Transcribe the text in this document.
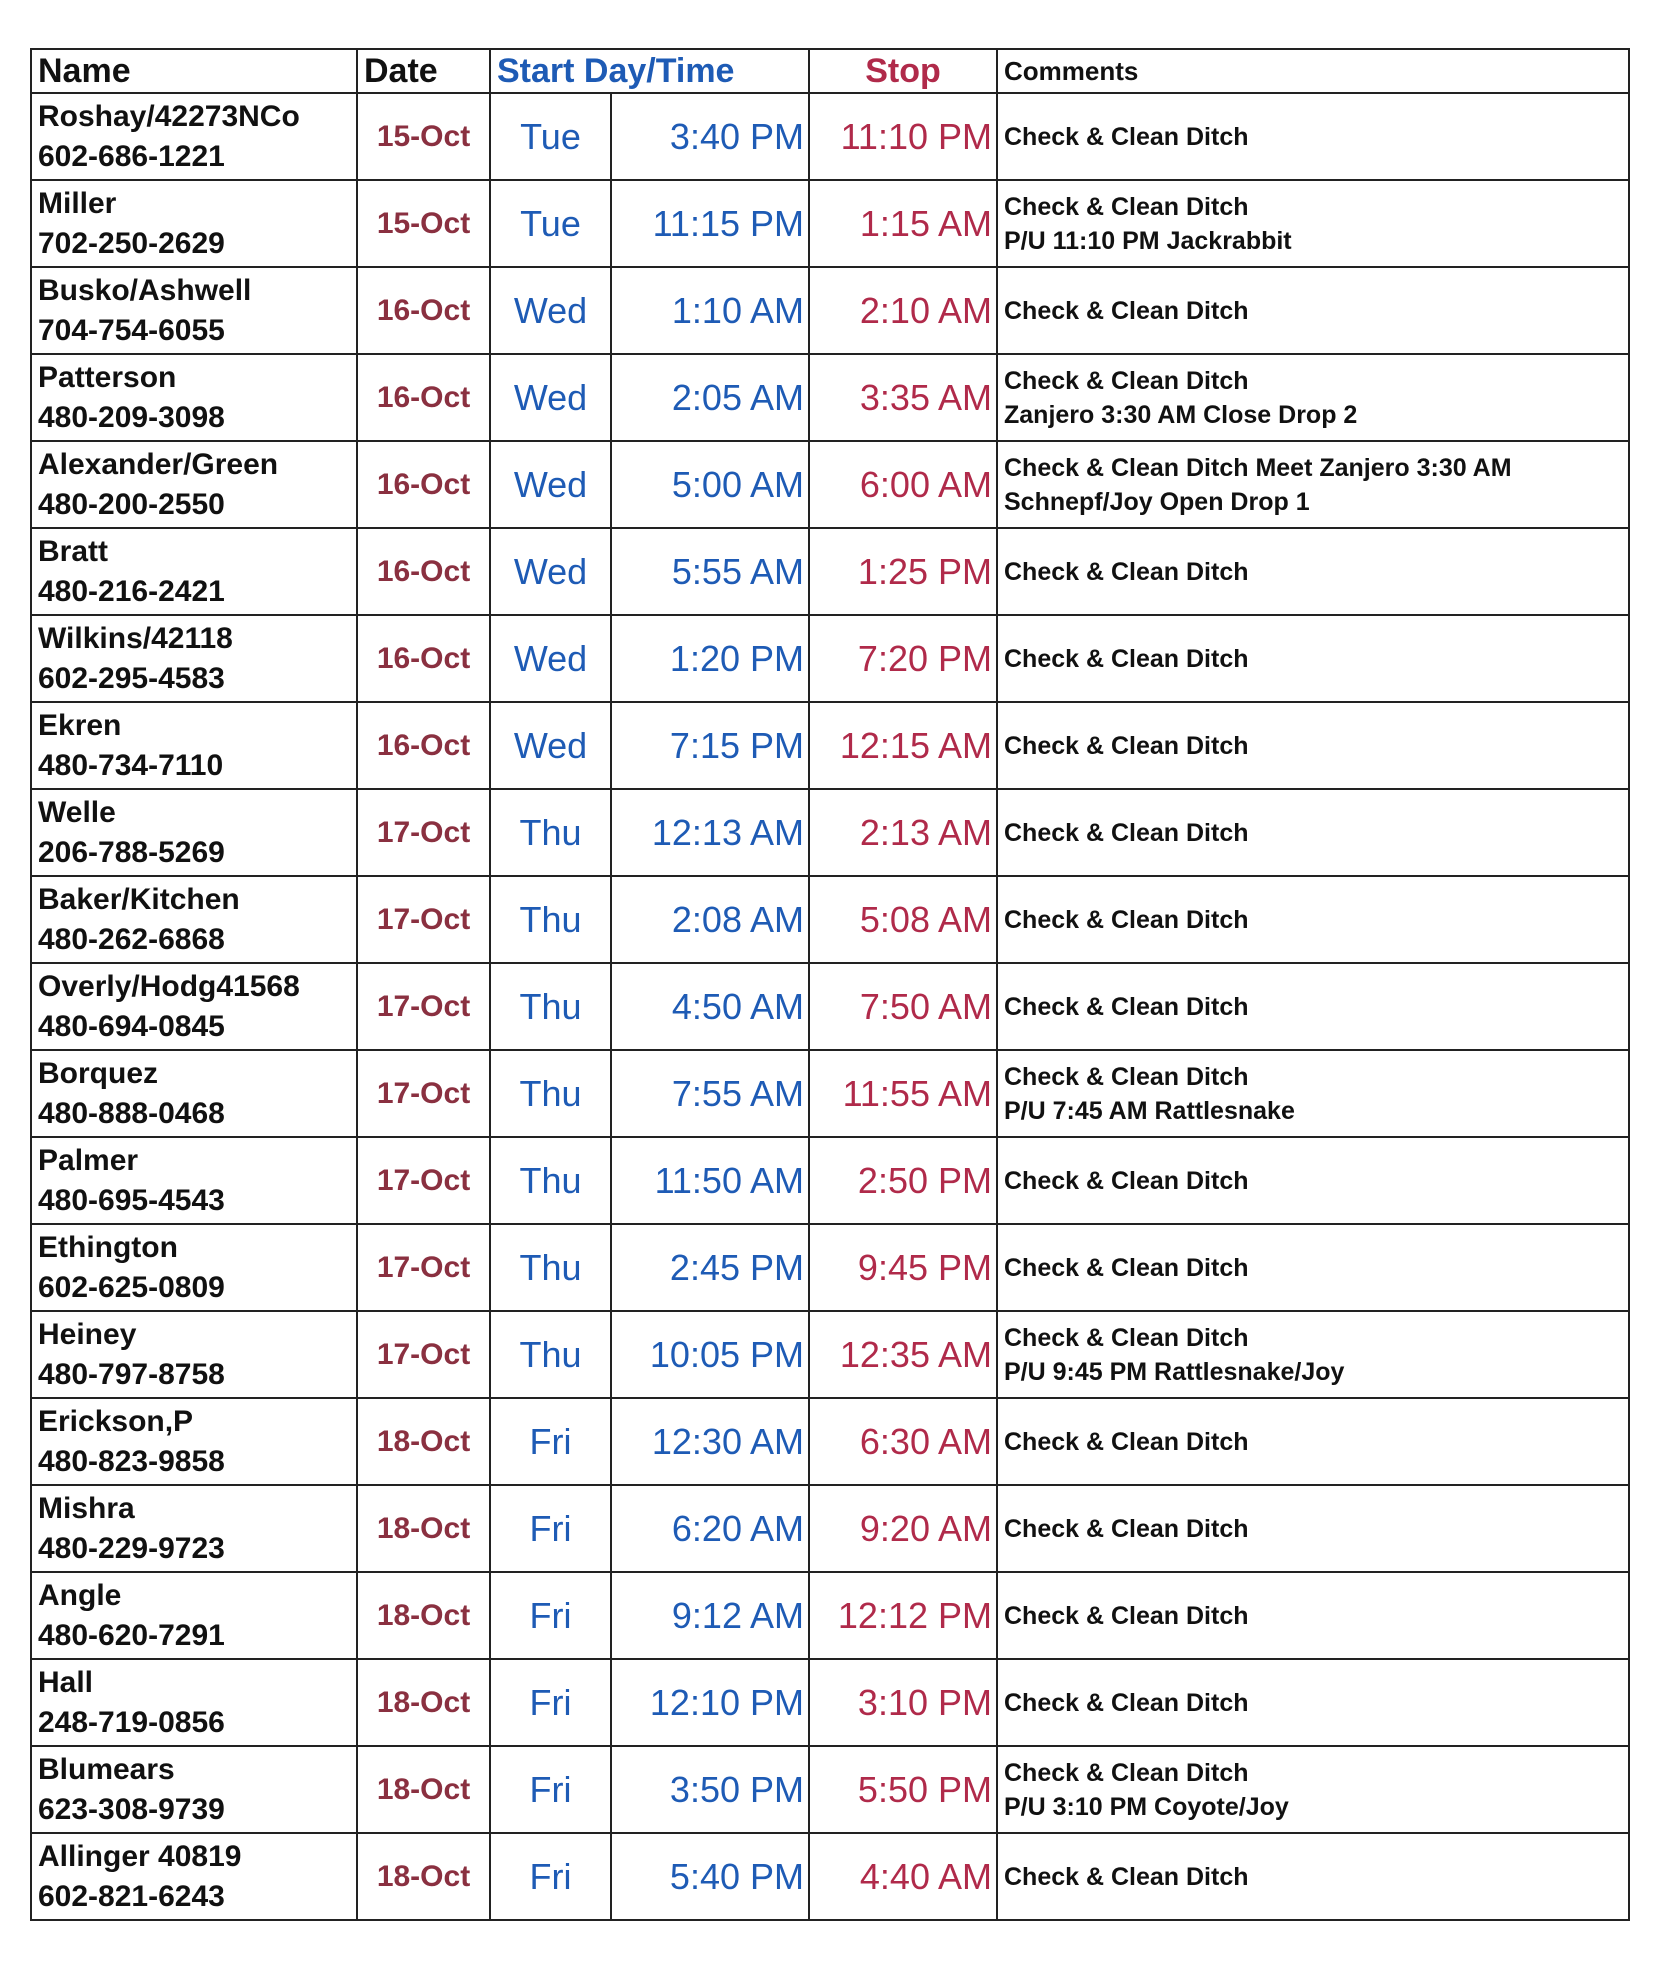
Name	Date	Start Day/Time		Stop	Comments

Roshay/42273NCo
602-686-1221	15-Oct	Tue	3:40 PM	11:10 PM	Check & Clean Ditch

Miller
702-250-2629	15-Oct	Tue	11:15 PM	1:15 AM	Check & Clean Ditch
P/U 11:10 PM Jackrabbit

Busko/Ashwell
704-754-6055	16-Oct	Wed	1:10 AM	2:10 AM	Check & Clean Ditch

Patterson
480-209-3098	16-Oct	Wed	2:05 AM	3:35 AM	Check & Clean Ditch
Zanjero 3:30 AM Close Drop 2

Alexander/Green
480-200-2550	16-Oct	Wed	5:00 AM	6:00 AM	Check & Clean Ditch Meet Zanjero 3:30 AM
Schnepf/Joy Open Drop 1

Bratt
480-216-2421	16-Oct	Wed	5:55 AM	1:25 PM	Check & Clean Ditch

Wilkins/42118
602-295-4583	16-Oct	Wed	1:20 PM	7:20 PM	Check & Clean Ditch

Ekren
480-734-7110	16-Oct	Wed	7:15 PM	12:15 AM	Check & Clean Ditch

Welle
206-788-5269	17-Oct	Thu	12:13 AM	2:13 AM	Check & Clean Ditch

Baker/Kitchen
480-262-6868	17-Oct	Thu	2:08 AM	5:08 AM	Check & Clean Ditch

Overly/Hodg41568
480-694-0845	17-Oct	Thu	4:50 AM	7:50 AM	Check & Clean Ditch

Borquez
480-888-0468	17-Oct	Thu	7:55 AM	11:55 AM	Check & Clean Ditch
P/U 7:45 AM Rattlesnake

Palmer
480-695-4543	17-Oct	Thu	11:50 AM	2:50 PM	Check & Clean Ditch

Ethington
602-625-0809	17-Oct	Thu	2:45 PM	9:45 PM	Check & Clean Ditch

Heiney
480-797-8758	17-Oct	Thu	10:05 PM	12:35 AM	Check & Clean Ditch
P/U 9:45 PM Rattlesnake/Joy

Erickson,P
480-823-9858	18-Oct	Fri	12:30 AM	6:30 AM	Check & Clean Ditch

Mishra
480-229-9723	18-Oct	Fri	6:20 AM	9:20 AM	Check & Clean Ditch

Angle
480-620-7291	18-Oct	Fri	9:12 AM	12:12 PM	Check & Clean Ditch

Hall
248-719-0856	18-Oct	Fri	12:10 PM	3:10 PM	Check & Clean Ditch

Blumears
623-308-9739	18-Oct	Fri	3:50 PM	5:50 PM	Check & Clean Ditch
P/U 3:10 PM Coyote/Joy

Allinger 40819
602-821-6243	18-Oct	Fri	5:40 PM	4:40 AM	Check & Clean Ditch
